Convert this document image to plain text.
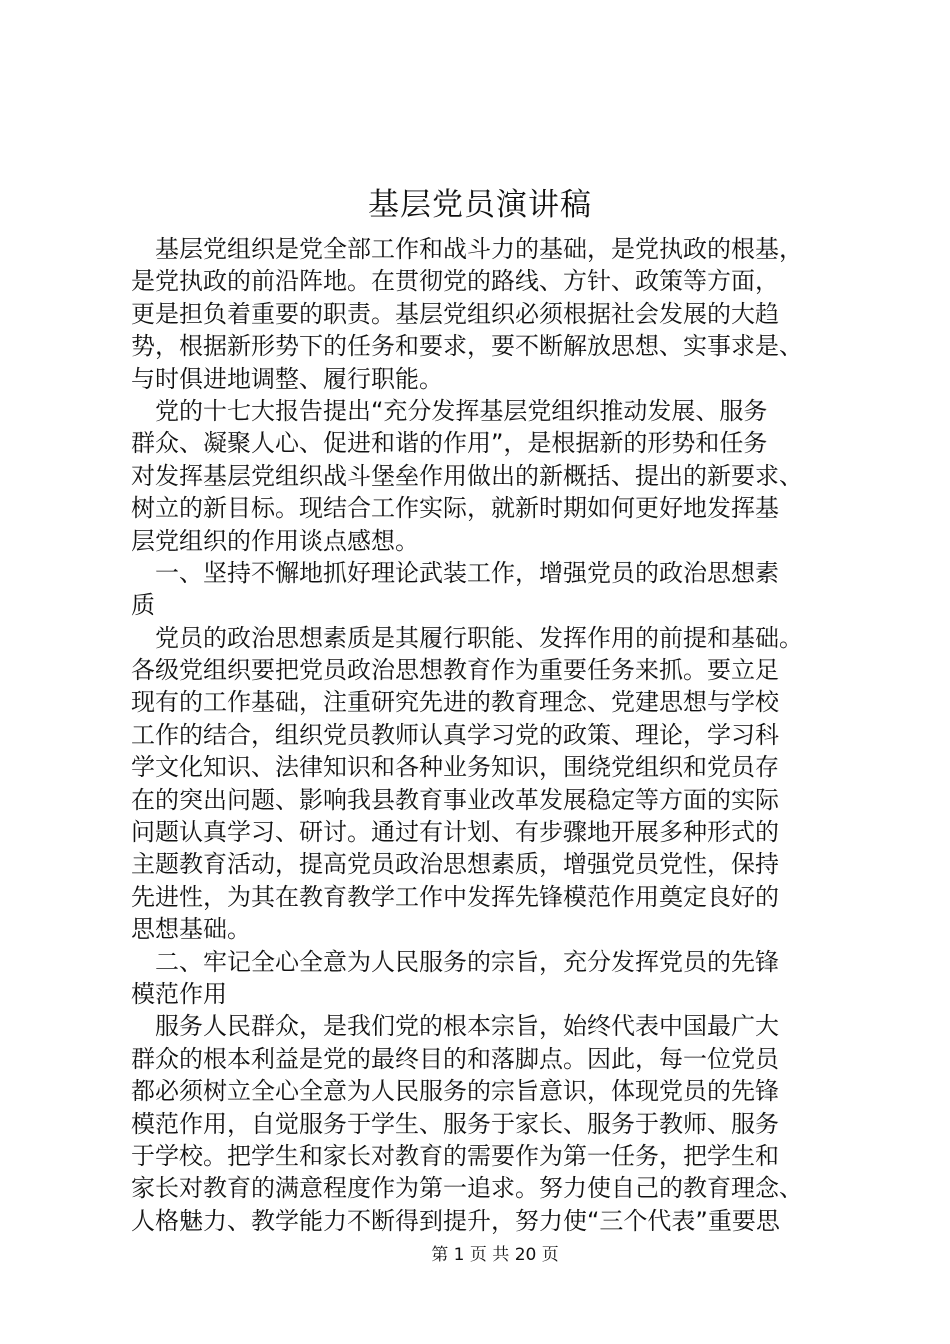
基层党员演讲稿
　基层党组织是党全部工作和战斗力的基础，是党执政的根基，
是党执政的前沿阵地。在贯彻党的路线、方针、政策等方面，
更是担负着重要的职责。基层党组织必须根据社会发展的大趋
势，根据新形势下的任务和要求，要不断解放思想、实事求是、
与时俱进地调整、履行职能。
　党的十七大报告提出“充分发挥基层党组织推动发展、服务
群众、凝聚人心、促进和谐的作用”，是根据新的形势和任务
对发挥基层党组织战斗堡垒作用做出的新概括、提出的新要求、
树立的新目标。现结合工作实际，就新时期如何更好地发挥基
层党组织的作用谈点感想。
　一、坚持不懈地抓好理论武装工作，增强党员的政治思想素
质
　党员的政治思想素质是其履行职能、发挥作用的前提和基础。
各级党组织要把党员政治思想教育作为重要任务来抓。要立足
现有的工作基础，注重研究先进的教育理念、党建思想与学校
工作的结合，组织党员教师认真学习党的政策、理论，学习科
学文化知识、法律知识和各种业务知识，围绕党组织和党员存
在的突出问题、影响我县教育事业改革发展稳定等方面的实际
问题认真学习、研讨。通过有计划、有步骤地开展多种形式的
主题教育活动，提高党员政治思想素质，增强党员党性，保持
先进性，为其在教育教学工作中发挥先锋模范作用奠定良好的
思想基础。
　二、牢记全心全意为人民服务的宗旨，充分发挥党员的先锋
模范作用
　服务人民群众，是我们党的根本宗旨，始终代表中国最广大
群众的根本利益是党的最终目的和落脚点。因此，每一位党员
都必须树立全心全意为人民服务的宗旨意识，体现党员的先锋
模范作用，自觉服务于学生、服务于家长、服务于教师、服务
于学校。把学生和家长对教育的需要作为第一任务，把学生和
家长对教育的满意程度作为第一追求。努力使自己的教育理念、
人格魅力、教学能力不断得到提升，努力使“三个代表”重要思
第 1 页 共 20 页
